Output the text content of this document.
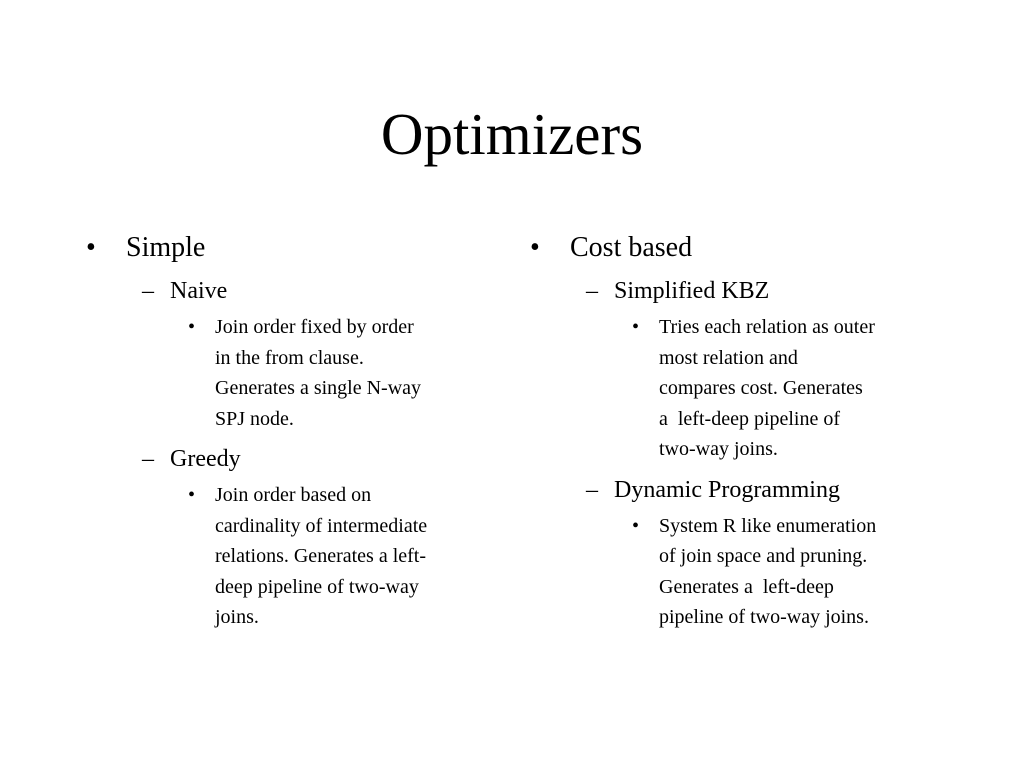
Optimizers
• Simple
– Naive
• Join order fixed by order
in the from clause.
Generates a single N-way
SPJ node.
– Greedy
• Join order based on
cardinality of intermediate
relations. Generates a left-
deep pipeline of two-way
joins.
• Cost based
– Simplified KBZ
• Tries each relation as outer
most relation and
compares cost. Generates
a  left-deep pipeline of
two-way joins.
– Dynamic Programming
• System R like enumeration
of join space and pruning.
Generates a  left-deep
pipeline of two-way joins.
